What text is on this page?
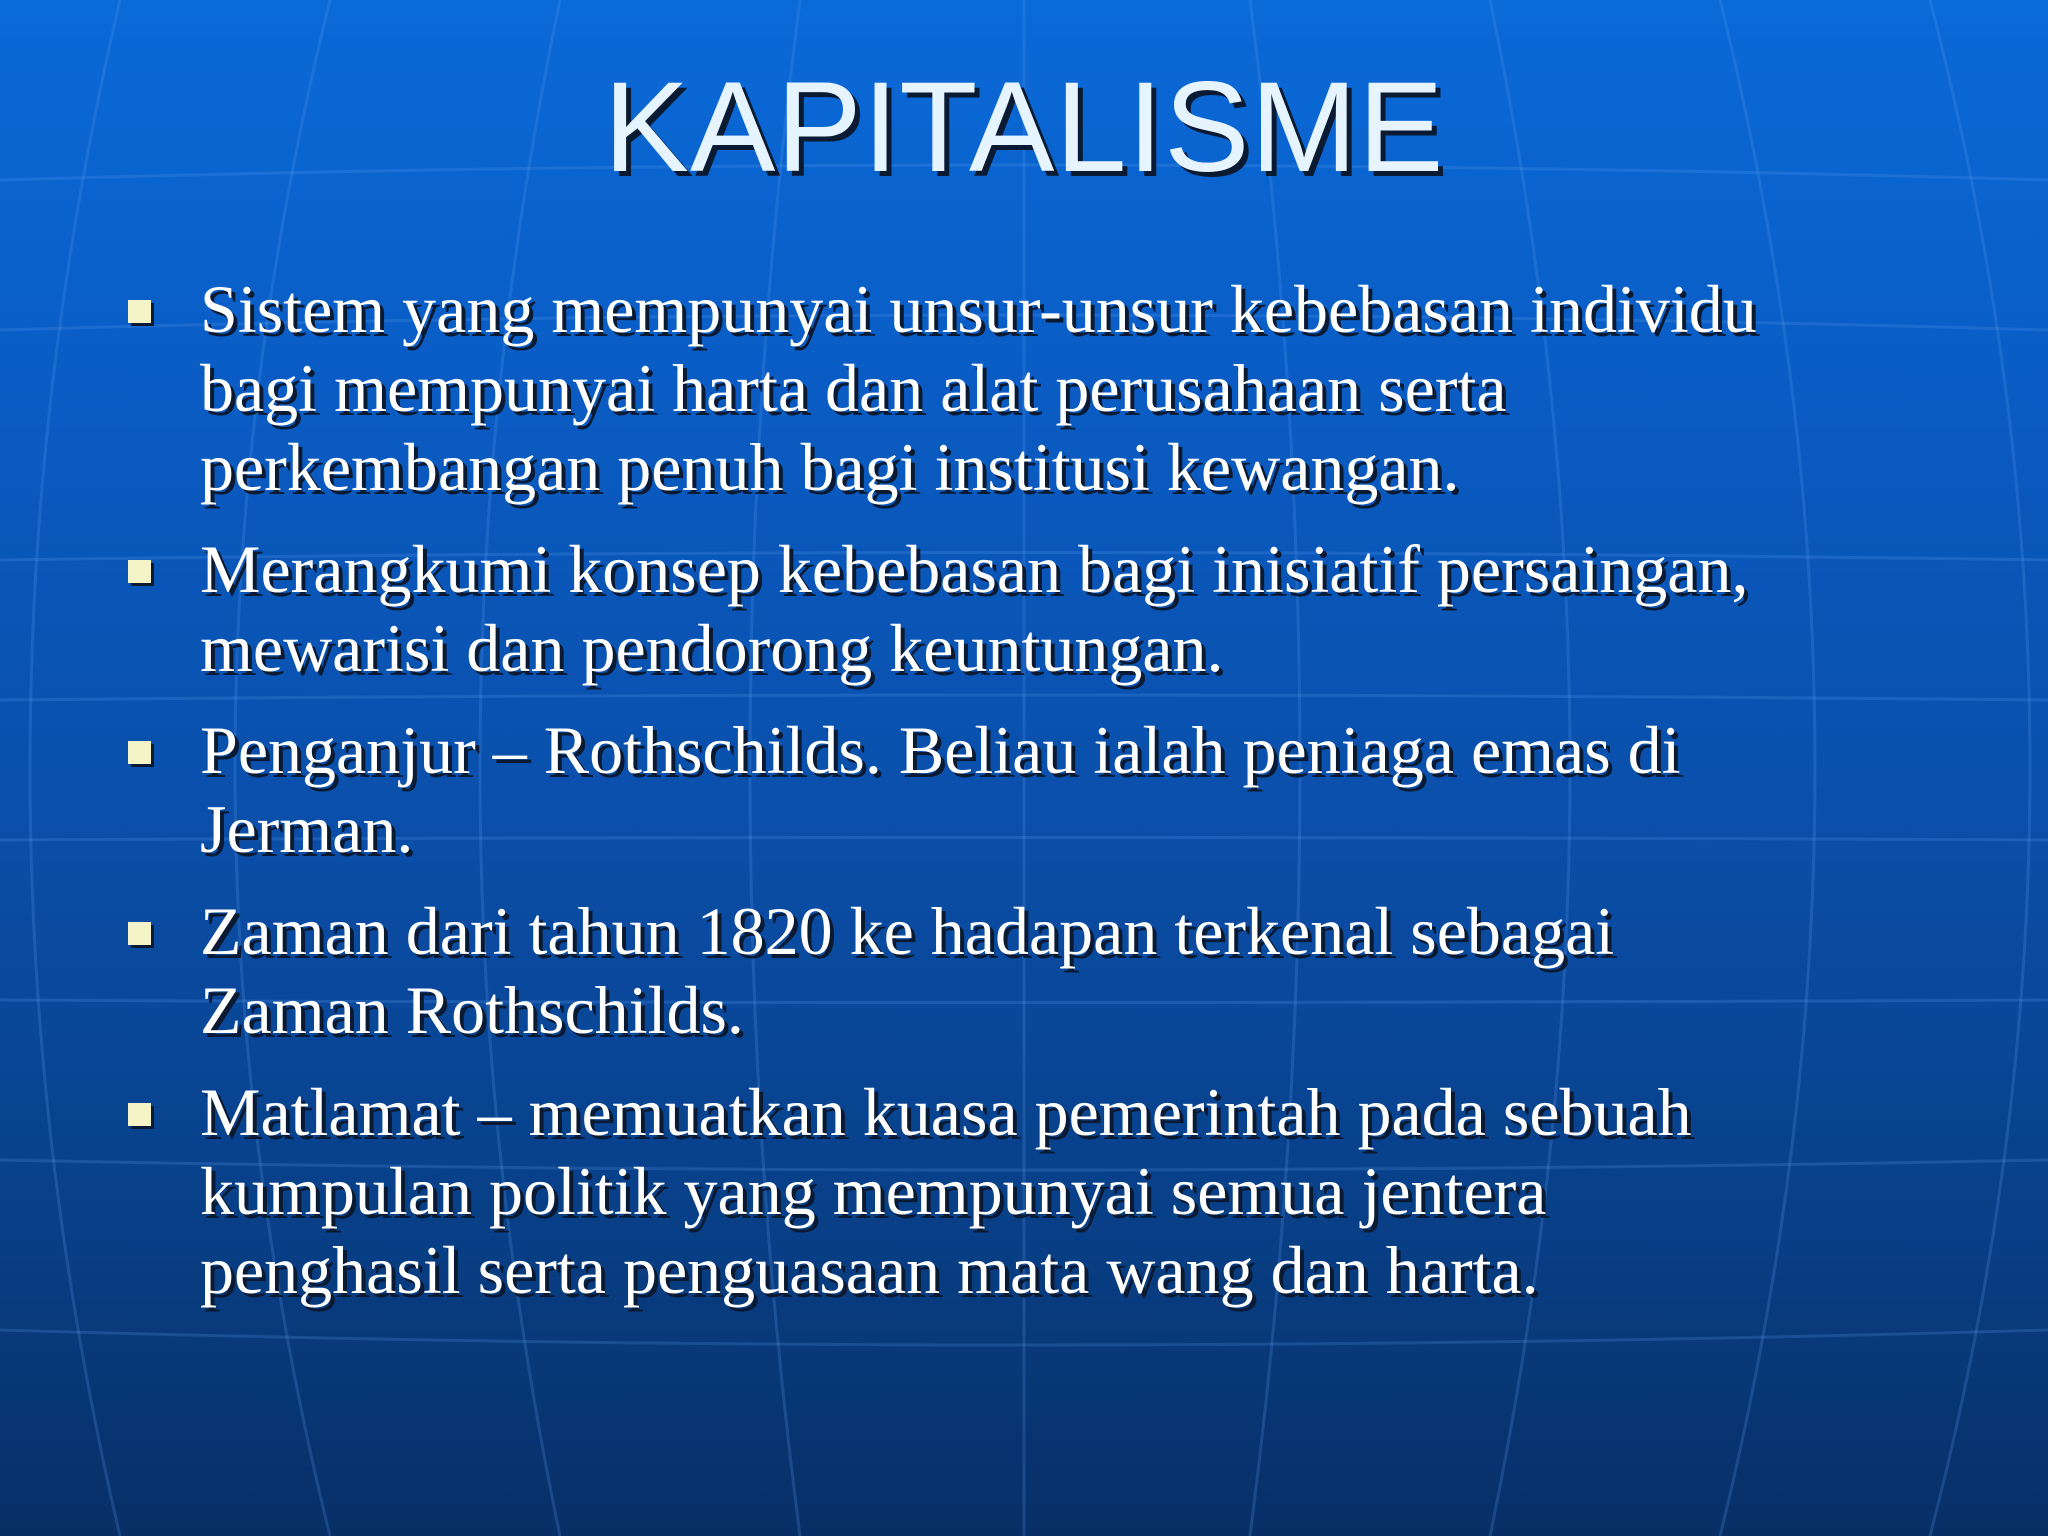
KAPITALISME
Sistem yang mempunyai unsur-unsur kebebasan individu bagi mempunyai harta dan alat perusahaan serta perkembangan penuh bagi institusi kewangan.
Merangkumi konsep kebebasan bagi inisiatif persaingan, mewarisi dan pendorong keuntungan.
Penganjur – Rothschilds. Beliau ialah peniaga emas di Jerman.
Zaman dari tahun 1820 ke hadapan terkenal sebagai Zaman Rothschilds.
Matlamat – memuatkan kuasa pemerintah pada sebuah kumpulan politik yang mempunyai semua jentera penghasil serta penguasaan mata wang dan harta.
